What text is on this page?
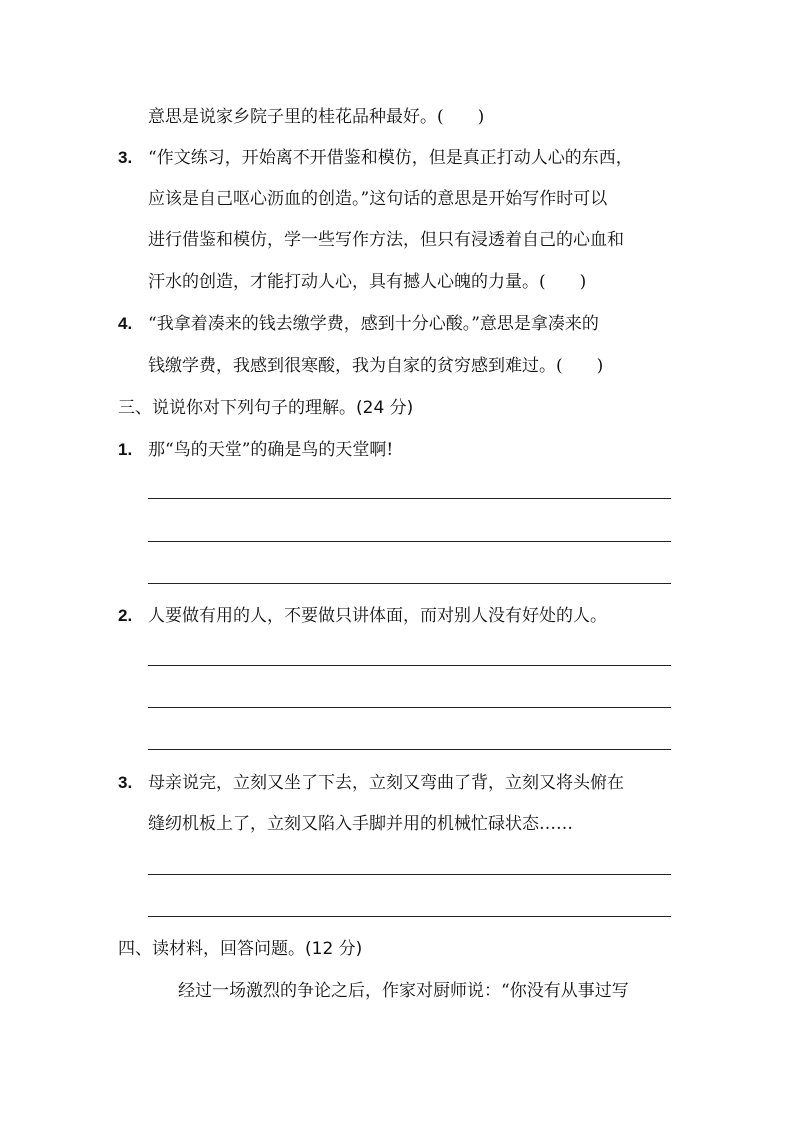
意思是说家乡院子里的桂花品种最好。(　　)
3. “作文练习，开始离不开借鉴和模仿，但是真正打动人心的东西，
应该是自己呕心沥血的创造。”这句话的意思是开始写作时可以
进行借鉴和模仿，学一些写作方法，但只有浸透着自己的心血和
汗水的创造，才能打动人心，具有撼人心魄的力量。(　　)
4. “我拿着凑来的钱去缴学费，感到十分心酸。”意思是拿凑来的
钱缴学费，我感到很寒酸，我为自家的贫穷感到难过。(　　)
三、说说你对下列句子的理解。(24 分)
1. 那“鸟的天堂”的确是鸟的天堂啊!
2. 人要做有用的人，不要做只讲体面，而对别人没有好处的人。
3. 母亲说完，立刻又坐了下去，立刻又弯曲了背，立刻又将头俯在
缝纫机板上了，立刻又陷入手脚并用的机械忙碌状态……
四、读材料，回答问题。(12 分)
经过一场激烈的争论之后，作家对厨师说：“你没有从事过写
